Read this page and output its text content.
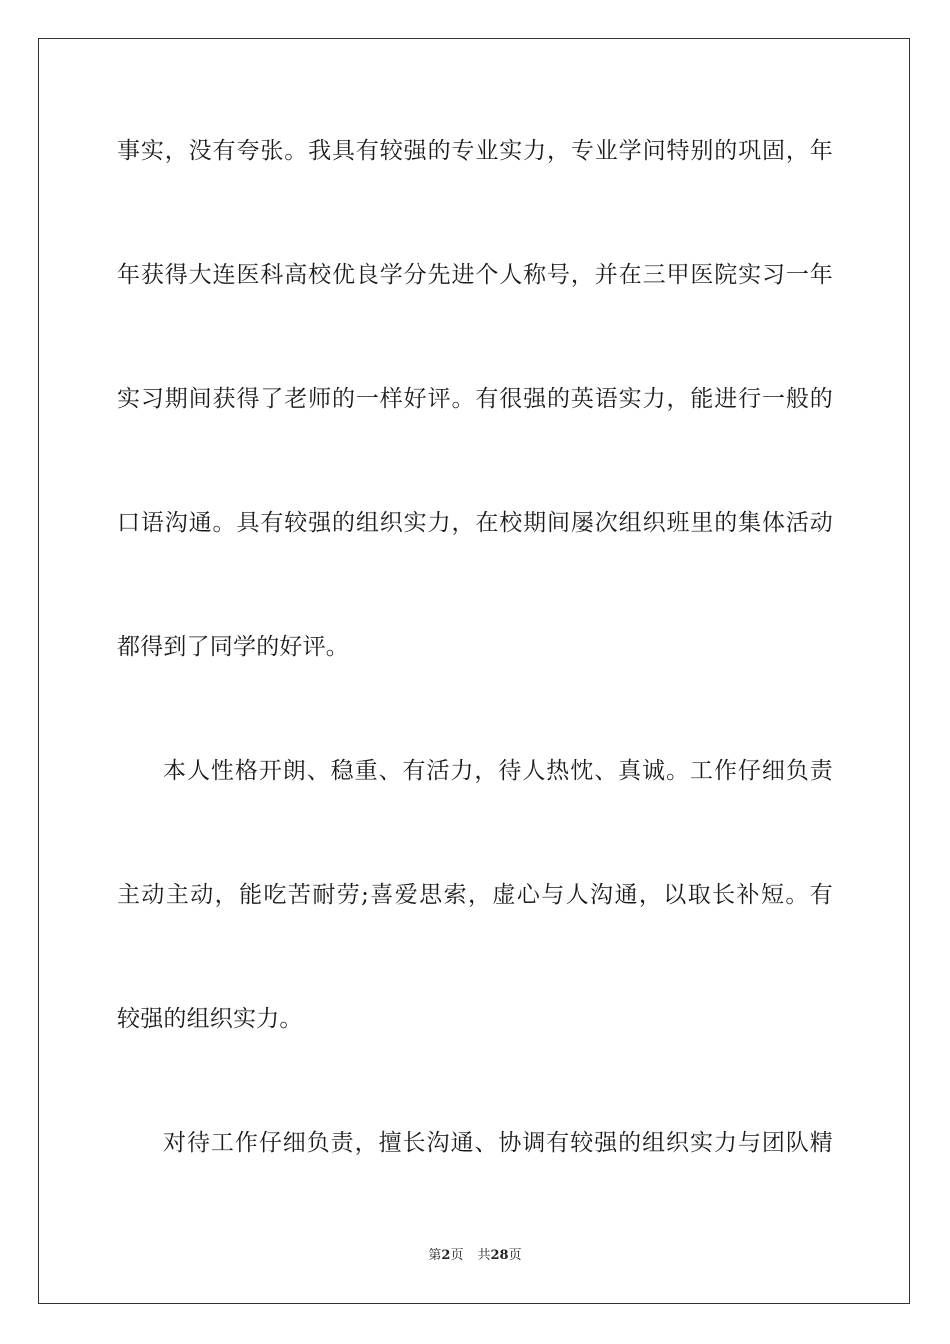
事实，没有夸张。我具有较强的专业实力，专业学问特别的巩固，年
年获得大连医科高校优良学分先进个人称号，并在三甲医院实习一年
实习期间获得了老师的一样好评。有很强的英语实力，能进行一般的
口语沟通。具有较强的组织实力，在校期间屡次组织班里的集体活动
都得到了同学的好评。
本人性格开朗、稳重、有活力，待人热忱、真诚。工作仔细负责
主动主动，能吃苦耐劳;喜爱思索，虚心与人沟通，以取长补短。有
较强的组织实力。
对待工作仔细负责，擅长沟通、协调有较强的组织实力与团队精
第2页 共28页
